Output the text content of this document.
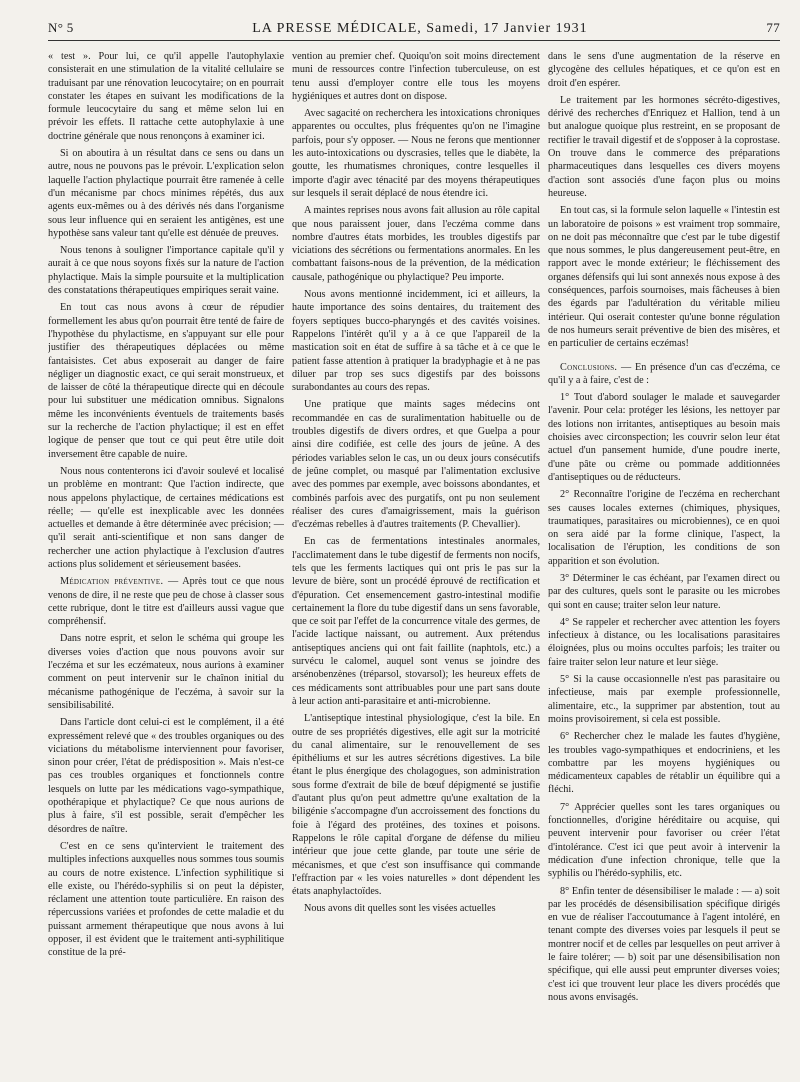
N° 5	LA PRESSE MÉDICALE, Samedi, 17 Janvier 1931	77

« test ». Pour lui, ce qu'il appelle l'autophylaxie consisterait en une stimulation de la vitalité cellulaire se traduisant par une rénovation leucocytaire; on en pourrait constater les étapes en suivant les modifications de la formule leucocytaire du sang et même selon lui en prévoir les effets. Il rattache cette autophylaxie à une doctrine générale que nous renonçons à examiner ici.

Si on aboutira à un résultat dans ce sens ou dans un autre, nous ne pouvons pas le prévoir. L'explication selon laquelle l'action phylactique pourrait être ramenée à celle d'un mécanisme par chocs minimes répétés, dus aux agents eux-mêmes ou à des dérivés nés dans l'organisme sous leur influence qui en seraient les antigènes, est une hypothèse sans valeur tant qu'elle est dénuée de preuves.

Nous tenons à souligner l'importance capitale qu'il y aurait à ce que nous soyons fixés sur la nature de l'action phylactique. Mais la simple poursuite et la multiplication des constatations thérapeutiques empiriques serait vaine.

En tout cas nous avons à cœur de répudier formellement les abus qu'on pourrait être tenté de faire de l'hypothèse du phylactisme, en s'appuyant sur elle pour justifier des thérapeutiques déplacées ou même fantaisistes. Cet abus exposerait au danger de faire négliger un diagnostic exact, ce qui serait monstrueux, et de laisser de côté la thérapeutique directe qui en découle pour lui substituer une médication omnibus. Signalons même les inconvénients éventuels de traitements basés sur la recherche de l'action phylactique; il est en effet logique de penser que tout ce qui peut être utile doit inversement être capable de nuire.

Nous nous contenterons ici d'avoir soulevé et localisé un problème en montrant: Que l'action indirecte, que nous appelons phylactique, de certaines médications est réelle; — qu'elle est inexplicable avec les données actuelles et demande à être déterminée avec précision; — qu'il serait anti-scientifique et non sans danger de rechercher une action phylactique à l'exclusion d'autres actions plus solidement et sérieusement basées.

Médication préventive. — Après tout ce que nous venons de dire, il ne reste que peu de chose à classer sous cette rubrique, dont le titre est d'ailleurs aussi vague que compréhensif.

Dans notre esprit, et selon le schéma qui groupe les diverses voies d'action que nous pouvons avoir sur l'eczéma et sur les eczémateux, nous aurions à examiner comment on peut intervenir sur le chaînon initial du mécanisme pathogénique de l'eczéma, à savoir sur la sensibilisabilité.

Dans l'article dont celui-ci est le complément, il a été expressément relevé que « des troubles organiques ou des viciations du métabolisme interviennent pour favoriser, sinon pour créer, l'état de prédisposition ». Mais n'est-ce pas ces troubles organiques et fonctionnels contre lesquels on lutte par les médications vago-sympathique, opothérapique et phylactique? Ce que nous aurions de plus à faire, s'il est possible, serait d'empêcher les désordres de naître.

C'est en ce sens qu'intervient le traitement des multiples infections auxquelles nous sommes tous soumis au cours de notre existence. L'infection syphilitique si elle existe, ou l'hérédo-syphilis si on peut la dépister, réclament une attention toute particulière. En raison des répercussions variées et profondes de cette maladie et du puissant armement thérapeutique que nous avons à lui opposer, il est évident que le traitement anti-syphilitique constitue de la pré-

vention au premier chef. Quoiqu'on soit moins directement muni de ressources contre l'infection tuberculeuse, on est tenu aussi d'employer contre elle tous les moyens hygiéniques et autres dont on dispose.

Avec sagacité on recherchera les intoxications chroniques apparentes ou occultes, plus fréquentes qu'on ne l'imagine parfois, pour s'y opposer. — Nous ne ferons que mentionner les auto-intoxications ou dyscrasies, telles que le diabète, la goutte, les rhumatismes chroniques, contre lesquelles il importe d'agir avec ténacité par des moyens thérapeutiques sur lesquels il serait déplacé de nous étendre ici.

A maintes reprises nous avons fait allusion au rôle capital que nous paraissent jouer, dans l'eczéma comme dans nombre d'autres états morbides, les troubles digestifs par viciations des sécrétions ou fermentations anormales. En les combattant faisons-nous de la prévention, de la médication causale, pathogénique ou phylactique? Peu importe.

Nous avons mentionné incidemment, ici et ailleurs, la haute importance des soins dentaires, du traitement des foyers septiques bucco-pharyngés et des cavités voisines. Rappelons l'intérêt qu'il y a à ce que l'appareil de la mastication soit en état de suffire à sa tâche et à ce que le patient fasse attention à pratiquer la bradyphagie et à ne pas diluer par trop ses sucs digestifs par des boissons surabondantes au cours des repas.

Une pratique que maints sages médecins ont recommandée en cas de suralimentation habituelle ou de troubles digestifs de divers ordres, et que Guelpa a pour ainsi dire codifiée, est celle des jours de jeûne. A des périodes variables selon le cas, un ou deux jours consécutifs de jeûne complet, ou masqué par l'alimentation exclusive avec des pommes par exemple, avec boissons abondantes, et combinés parfois avec des purgatifs, ont pu non seulement réaliser des cures d'amaigrissement, mais la guérison d'eczémas rebelles à d'autres traitements (P. Chevallier).

En cas de fermentations intestinales anormales, l'acclimatement dans le tube digestif de ferments non nocifs, tels que les ferments lactiques qui ont pris le pas sur la levure de bière, sont un procédé éprouvé de rectification et d'épuration. Cet ensemencement gastro-intestinal modifie certainement la flore du tube digestif dans un sens favorable, que ce soit par l'effet de la concurrence vitale des germes, de l'acide lactique naissant, ou autrement. Aux prétendus antiseptiques anciens qui ont fait faillite (naphtols, etc.) a survécu le calomel, auquel sont venus se joindre des arsénobenzènes (tréparsol, stovarsol); les heureux effets de ces médicaments sont attribuables pour une part sans doute à leur action anti-parasitaire et anti-microbienne.

L'antiseptique intestinal physiologique, c'est la bile. En outre de ses propriétés digestives, elle agit sur la motricité du canal alimentaire, sur le renouvellement de ses épithéliums et sur les autres sécrétions digestives. La bile étant le plus énergique des cholagogues, son administration sous forme d'extrait de bile de bœuf dépigmenté se justifie d'autant plus qu'on peut admettre qu'une exaltation de la biligénie s'accompagne d'un accroissement des fonctions du foie à l'égard des protéines, des toxines et poisons. Rappelons le rôle capital d'organe de défense du milieu intérieur que joue cette glande, par toute une série de mécanismes, et que c'est son insuffisance qui commande l'effraction par « les voies naturelles » dont dépendent les états anaphylactoïdes.

Nous avons dit quelles sont les visées actuelles

dans le sens d'une augmentation de la réserve en glycogène des cellules hépatiques, et ce qu'on est en droit d'en espérer.

Le traitement par les hormones sécréto-digestives, dérivé des recherches d'Enriquez et Hallion, tend à un but analogue quoique plus restreint, en se proposant de rectifier le travail digestif et de s'opposer à la coprostase. On trouve dans le commerce des préparations pharmaceutiques dans lesquelles ces divers moyens d'action sont associés d'une façon plus ou moins heureuse.

En tout cas, si la formule selon laquelle « l'intestin est un laboratoire de poisons » est vraiment trop sommaire, on ne doit pas méconnaître que c'est par le tube digestif que nous sommes, le plus dangereusement peut-être, en rapport avec le monde extérieur; le fléchissement des organes défensifs qui lui sont annexés nous expose à des conséquences, parfois sournoises, mais fâcheuses à bien des égards par l'adultération du véritable milieu intérieur. Qui oserait contester qu'une bonne régulation de nos humeurs serait préventive de bien des misères, et en particulier de certains eczémas!

Conclusions. — En présence d'un cas d'eczéma, ce qu'il y a à faire, c'est de :

1° Tout d'abord soulager le malade et sauvegarder l'avenir. Pour cela: protéger les lésions, les nettoyer par des lotions non irritantes, antiseptiques au besoin mais choisies avec circonspection; les couvrir selon leur état actuel d'un pansement humide, d'une poudre inerte, d'une pâte ou crème ou pommade additionnées d'antiseptiques ou de réducteurs.

2° Reconnaître l'origine de l'eczéma en recherchant ses causes locales externes (chimiques, physiques, traumatiques, parasitaires ou microbiennes), ce en quoi on sera aidé par la forme clinique, l'aspect, la localisation de l'éruption, les conditions de son apparition et son évolution.

3° Déterminer le cas échéant, par l'examen direct ou par des cultures, quels sont le parasite ou les microbes qui sont en cause; traiter selon leur nature.

4° Se rappeler et rechercher avec attention les foyers infectieux à distance, ou les localisations parasitaires éloignées, plus ou moins occultes parfois; les traiter ou faire traiter selon leur nature et leur siège.

5° Si la cause occasionnelle n'est pas parasitaire ou infectieuse, mais par exemple professionnelle, alimentaire, etc., la supprimer par abstention, tout au moins provisoirement, si cela est possible.

6° Rechercher chez le malade les fautes d'hygiène, les troubles vago-sympathiques et endocriniens, et les combattre par les moyens hygiéniques ou médicamenteux capables de rétablir un équilibre qui a fléchi.

7° Apprécier quelles sont les tares organiques ou fonctionnelles, d'origine héréditaire ou acquise, qui peuvent intervenir pour favoriser ou créer l'état d'intolérance. C'est ici que peut avoir à intervenir la médication d'une infection chronique, telle que la syphilis ou l'hérédo-syphilis, etc.

8° Enfin tenter de désensibiliser le malade : — a) soit par les procédés de désensibilisation spécifique dirigés en vue de réaliser l'accoutumance à l'agent intoléré, en tenant compte des diverses voies par lesquels il peut se montrer nocif et de celles par lesquelles on peut arriver à le faire tolérer; — b) soit par une désensibilisation non spécifique, qui elle aussi peut emprunter diverses voies; c'est ici que trouvent leur place les divers procédés que nous avons envisagés.
